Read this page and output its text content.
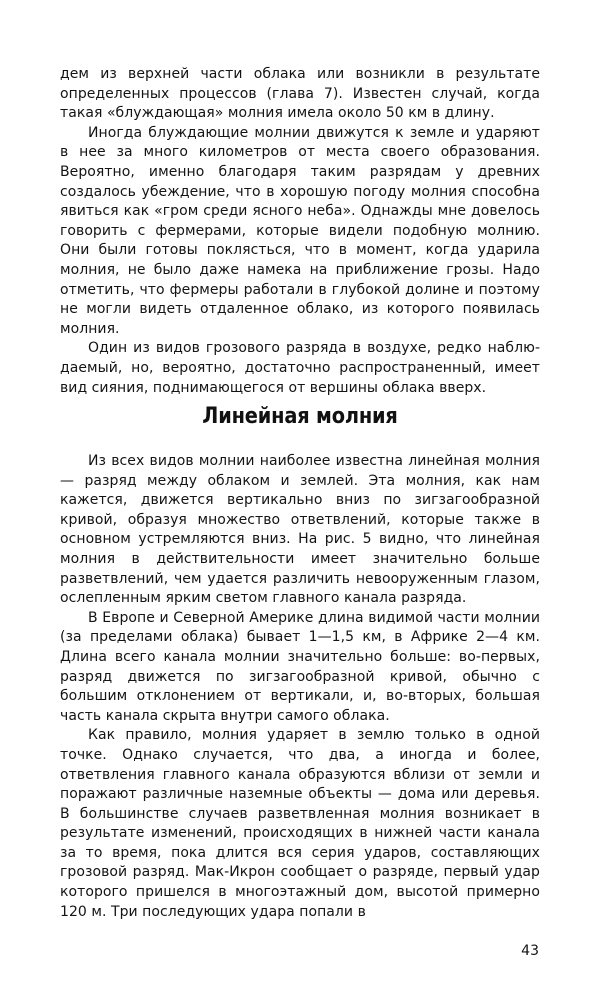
дем из верхней части облака или возникли в результате определенных процессов (глава 7). Известен случай, когда такая «блуждающая» молния имела около 50 км в длину.

Иногда блуждающие молнии движутся к земле и ударяют в нее за много километров от места своего образования. Вероятно, именно благодаря таким разрядам у древних создалось убеждение, что в хорошую погоду молния способна явиться как «гром среди ясного неба». Однажды мне довелось говорить с фермерами, которые видели подобную молнию. Они были готовы поклясться, что в момент, когда ударила молния, не было даже намека на приближение грозы. Надо отметить, что фермеры работали в глубокой долине и поэтому не могли видеть отдаленное облако, из которого появилась молния.

Один из видов грозового разряда в воздухе, редко наблюдаемый, но, вероятно, достаточно распространенный, имеет вид сияния, поднимающегося от вершины облака вверх.

Линейная молния

Из всех видов молнии наиболее известна линейная молния — разряд между облаком и землей. Эта молния, как нам кажется, движется вертикально вниз по зигзагообразной кривой, образуя множество ответвлений, которые также в основном устремляются вниз. На рис. 5 видно, что линейная молния в действительности имеет значительно больше разветвлений, чем удается различить невооруженным глазом, ослепленным ярким светом главного канала разряда.

В Европе и Северной Америке длина видимой части молнии (за пределами облака) бывает 1—1,5 км, в Африке 2—4 км. Длина всего канала молнии значительно больше: во-первых, разряд движется по зигзагообразной кривой, обычно с большим отклонением от вертикали, и, во-вторых, большая часть канала скрыта внутри самого облака.

Как правило, молния ударяет в землю только в одной точке. Однако случается, что два, а иногда и более, ответвления главного канала образуются вблизи от земли и поражают различные наземные объекты — дома или деревья. В большинстве случаев разветвленная молния возникает в результате изменений, происходящих в нижней части канала за то время, пока длится вся серия ударов, составляющих грозовой разряд. Мак-Икрон сообщает о разряде, первый удар которого пришелся в многоэтажный дом, высотой примерно 120 м. Три последующих удара попали в

43
